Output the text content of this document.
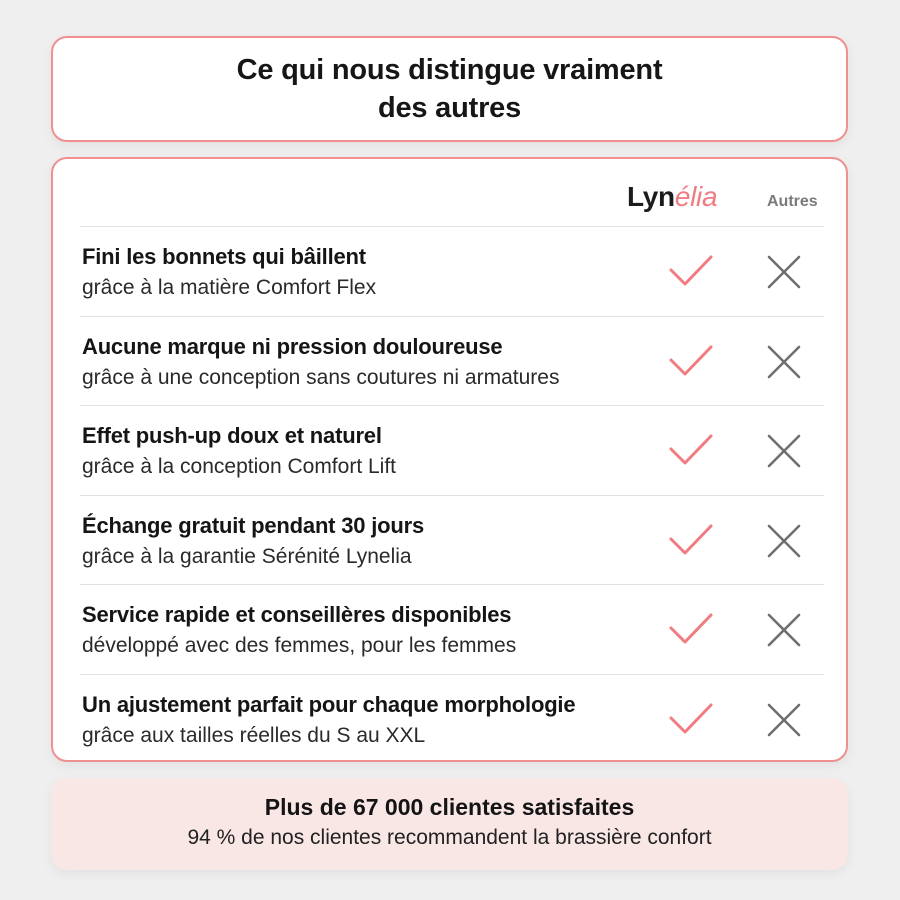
Ce qui nous distingue vraiment
des autres
Lynélia	Autres
Fini les bonnets qui bâillent
grâce à la matière Comfort Flex
Aucune marque ni pression douloureuse
grâce à une conception sans coutures ni armatures
Effet push-up doux et naturel
grâce à la conception Comfort Lift
Échange gratuit pendant 30 jours
grâce à la garantie Sérénité Lynelia
Service rapide et conseillères disponibles
développé avec des femmes, pour les femmes
Un ajustement parfait pour chaque morphologie
grâce aux tailles réelles du S au XXL
Plus de 67 000 clientes satisfaites
94 % de nos clientes recommandent la brassière confort
